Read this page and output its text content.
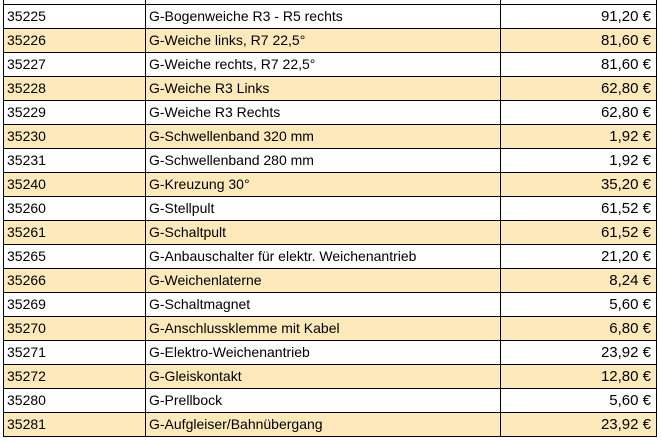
35225	G-Bogenweiche R3 - R5 rechts	91,20 €
35226	G-Weiche links, R7 22,5°	81,60 €
35227	G-Weiche rechts, R7 22,5°	81,60 €
35228	G-Weiche R3 Links	62,80 €
35229	G-Weiche R3 Rechts	62,80 €
35230	G-Schwellenband 320 mm	1,92 €
35231	G-Schwellenband 280 mm	1,92 €
35240	G-Kreuzung 30°	35,20 €
35260	G-Stellpult	61,52 €
35261	G-Schaltpult	61,52 €
35265	G-Anbauschalter für elektr. Weichenantrieb	21,20 €
35266	G-Weichenlaterne	8,24 €
35269	G-Schaltmagnet	5,60 €
35270	G-Anschlussklemme mit Kabel	6,80 €
35271	G-Elektro-Weichenantrieb	23,92 €
35272	G-Gleiskontakt	12,80 €
35280	G-Prellbock	5,60 €
35281	G-Aufgleiser/Bahnübergang	23,92 €
